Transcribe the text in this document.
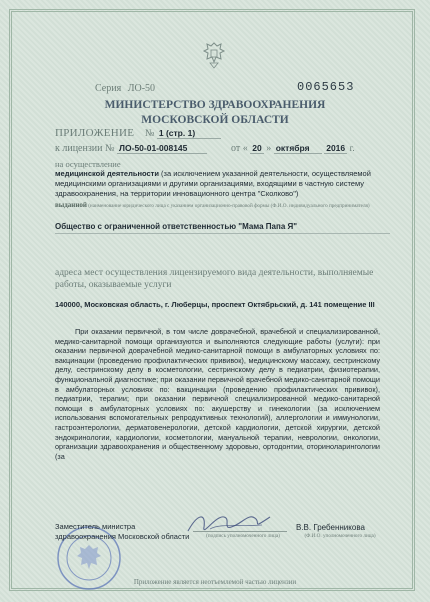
Серия ЛО-50	0065653
МИНИСТЕРСТВО ЗДРАВООХРАНЕНИЯ
МОСКОВСКОЙ ОБЛАСТИ
ПРИЛОЖЕНИЕ № 1 (стр. 1)
к лицензии № ЛО-50-01-008145	от « 20 » октября 2016 г.
на осуществление
медицинской деятельности (за исключением указанной деятельности, осуществляемой медицинскими организациями и другими организациями, входящими в частную систему здравоохранения, на территории инновационного центра "Сколково")
выданной (наименование юридического лица с указанием организационно-правовой формы (Ф.И.О. индивидуального предпринимателя)
Общество с ограниченной ответственностью "Мама Папа Я"
адреса мест осуществления лицензируемого вида деятельности, выполняемые работы, оказываемые услуги
140000, Московская область, г. Люберцы, проспект Октябрьский, д. 141 помещение III
При оказании первичной, в том числе доврачебной, врачебной и специализированной, медико-санитарной помощи организуются и выполняются следующие работы (услуги): при оказании первичной доврачебной медико-санитарной помощи в амбулаторных условиях по: вакцинации (проведению профилактических прививок), медицинскому массажу, сестринскому делу, сестринскому делу в косметологии, сестринскому делу в педиатрии, физиотерапии, функциональной диагностике; при оказании первичной врачебной медико-санитарной помощи в амбулаторных условиях по: вакцинации (проведению профилактических прививок), педиатрии, терапии; при оказании первичной специализированной медико-санитарной помощи в амбулаторных условиях по: акушерству и гинекологии (за исключением использования вспомогательных репродуктивных технологий), аллергологии и иммунологии, гастроэнтерологии, дерматовенерологии, детской кардиологии, детской хирургии, детской эндокринологии, кардиологии, косметологии, мануальной терапии, неврологии, онкологии, организации здравоохранения и общественному здоровью, ортодонтии, оториноларингологии (за
Заместитель министра
здравоохранения Московской области	(подпись уполномоченного лица)
В.В. Гребенникова
(Ф.И.О. уполномоченного лица)
Приложение является неотъемлемой частью лицензии
